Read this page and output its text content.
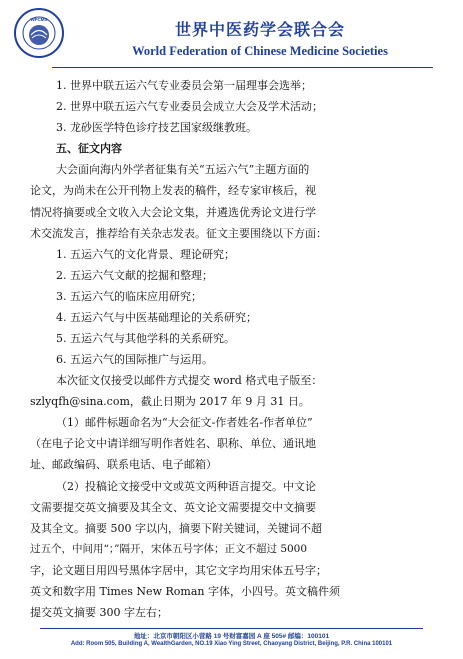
WFCMS
世界中医药学会联合会
World Federation of Chinese Medicine Societies
1. 世界中联五运六气专业委员会第一届理事会选举；
2. 世界中联五运六气专业委员会成立大会及学术活动；
3. 龙砂医学特色诊疗技艺国家级继教班。
五、征文内容
大会面向海内外学者征集有关“五运六气”主题方面的
论文，为尚未在公开刊物上发表的稿件，经专家审核后，视
情况将摘要或全文收入大会论文集，并遴选优秀论文进行学
术交流发言，推荐给有关杂志发表。征文主要围绕以下方面：
1. 五运六气的文化背景、理论研究；
2. 五运六气文献的挖掘和整理；
3. 五运六气的临床应用研究；
4. 五运六气与中医基础理论的关系研究；
5. 五运六气与其他学科的关系研究。
6. 五运六气的国际推广与运用。
本次征文仅接受以邮件方式提交 word 格式电子版至：
szlyqfh@sina.com，截止日期为 2017 年 9 月 31 日。
（1）邮件标题命名为“大会征文-作者姓名-作者单位”
（在电子论文中请详细写明作者姓名、职称、单位、通讯地
址、邮政编码、联系电话、电子邮箱）
（2）投稿论文接受中文或英文两种语言提交。中文论
文需要提交英文摘要及其全文、英文论文需要提交中文摘要
及其全文。摘要 500 字以内，摘要下附关键词，关键词不超
过五个，中间用“；”隔开，宋体五号字体；正文不超过 5000
字，论文题目用四号黑体字居中，其它文字均用宋体五号字；
英文和数字用 Times New Roman 字体，小四号。英文稿件须
提交英文摘要 300 字左右；
地址：北京市朝阳区小营路 19 号财富嘉园 A 座 505# 邮编：100101
Add: Room 505, Building A, WealthGarden, NO.19 Xiao Ying Street, Chaoyang District, Beijing, P.R. China 100101
